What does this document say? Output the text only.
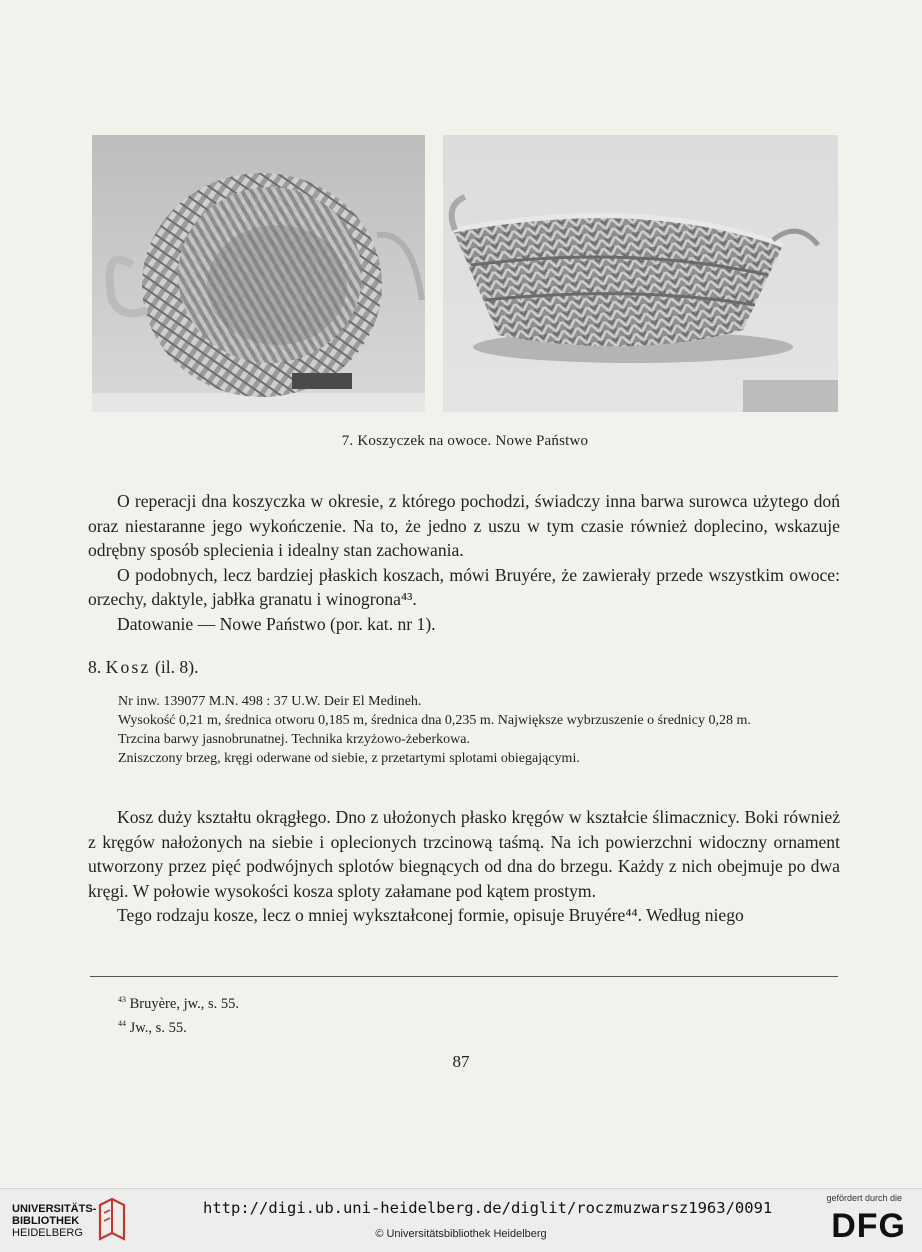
7. Koszyczek na owoce. Nowe Państwo

O reperacji dna koszyczka w okresie, z którego pochodzi, świadczy inna barwa surowca użytego doń oraz niestaranne jego wykończenie. Na to, że jedno z uszu w tym czasie również doplecino, wskazuje odrębny sposób splecienia i idealny stan zachowania.

O podobnych, lecz bardziej płaskich koszach, mówi Bruyére, że zawierały przede wszystkim owoce: orzechy, daktyle, jabłka granatu i winogrona⁴³.

Datowanie — Nowe Państwo (por. kat. nr 1).

8. Kosz (il. 8).
Nr inw. 139077 M.N. 498 : 37 U.W. Deir El Medineh.
Wysokość 0,21 m, średnica otworu 0,185 m, średnica dna 0,235 m. Największe wybrzuszenie o średnicy 0,28 m.
Trzcina barwy jasnobrunatnej. Technika krzyżowo-żeberkowa.
Zniszczony brzeg, kręgi oderwane od siebie, z przetartymi splotami obiegającymi.

Kosz duży kształtu okrągłego. Dno z ułożonych płasko kręgów w kształcie ślimacznicy. Boki również z kręgów nałożonych na siebie i oplecionych trzcinową taśmą. Na ich powierzchni widoczny ornament utworzony przez pięć podwójnych splotów biegnących od dna do brzegu. Każdy z nich obejmuje po dwa kręgi. W połowie wysokości kosza sploty załamane pod kątem prostym.

Tego rodzaju kosze, lecz o mniej wykształconej formie, opisuje Bruyére⁴⁴. Według niego

$^{43}$ Bruyère, jw., s. 55.
$^{44}$ Jw., s. 55.
87
UNIVERSITÄTS-
BIBLIOTHEK
HEIDELBERG
http://digi.ub.uni-heidelberg.de/diglit/roczmuzwarsz1963/0091
© Universitätsbibliothek Heidelberg
gefördert durch die
DFG
